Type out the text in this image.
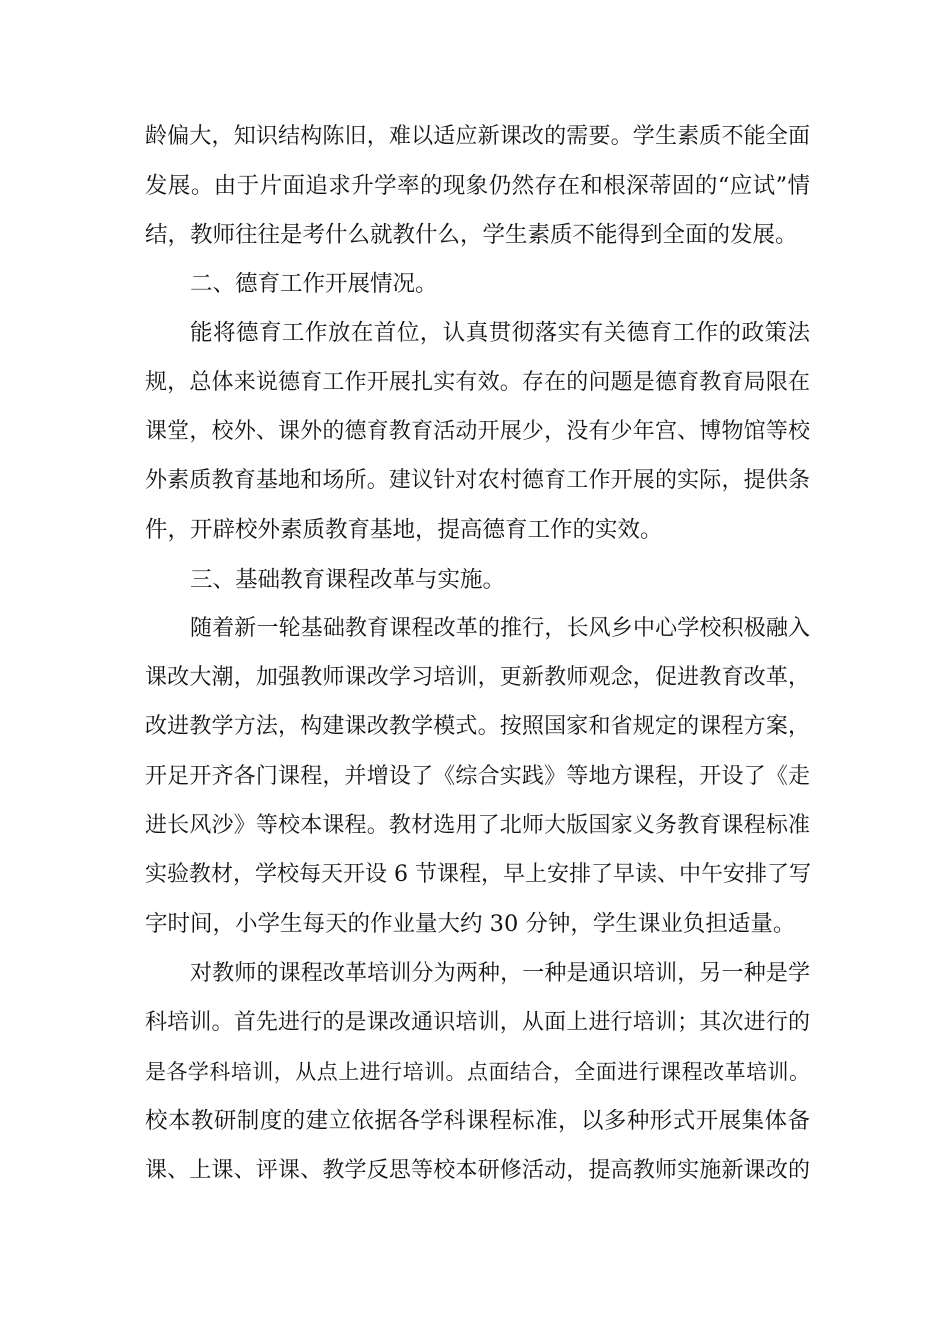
龄偏大，知识结构陈旧，难以适应新课改的需要。学生素质不能全面
发展。由于片面追求升学率的现象仍然存在和根深蒂固的“应试”情
结，教师往往是考什么就教什么，学生素质不能得到全面的发展。
二、德育工作开展情况。
能将德育工作放在首位，认真贯彻落实有关德育工作的政策法
规，总体来说德育工作开展扎实有效。存在的问题是德育教育局限在
课堂，校外、课外的德育教育活动开展少，没有少年宫、博物馆等校
外素质教育基地和场所。建议针对农村德育工作开展的实际，提供条
件，开辟校外素质教育基地，提高德育工作的实效。
三、基础教育课程改革与实施。
随着新一轮基础教育课程改革的推行，长风乡中心学校积极融入
课改大潮，加强教师课改学习培训，更新教师观念，促进教育改革，
改进教学方法，构建课改教学模式。按照国家和省规定的课程方案，
开足开齐各门课程，并增设了《综合实践》等地方课程，开设了《走
进长风沙》等校本课程。教材选用了北师大版国家义务教育课程标准
实验教材，学校每天开设 6 节课程，早上安排了早读、中午安排了写
字时间，小学生每天的作业量大约 30 分钟，学生课业负担适量。
对教师的课程改革培训分为两种，一种是通识培训，另一种是学
科培训。首先进行的是课改通识培训，从面上进行培训；其次进行的
是各学科培训，从点上进行培训。点面结合，全面进行课程改革培训。
校本教研制度的建立依据各学科课程标准，以多种形式开展集体备
课、上课、评课、教学反思等校本研修活动，提高教师实施新课改的
